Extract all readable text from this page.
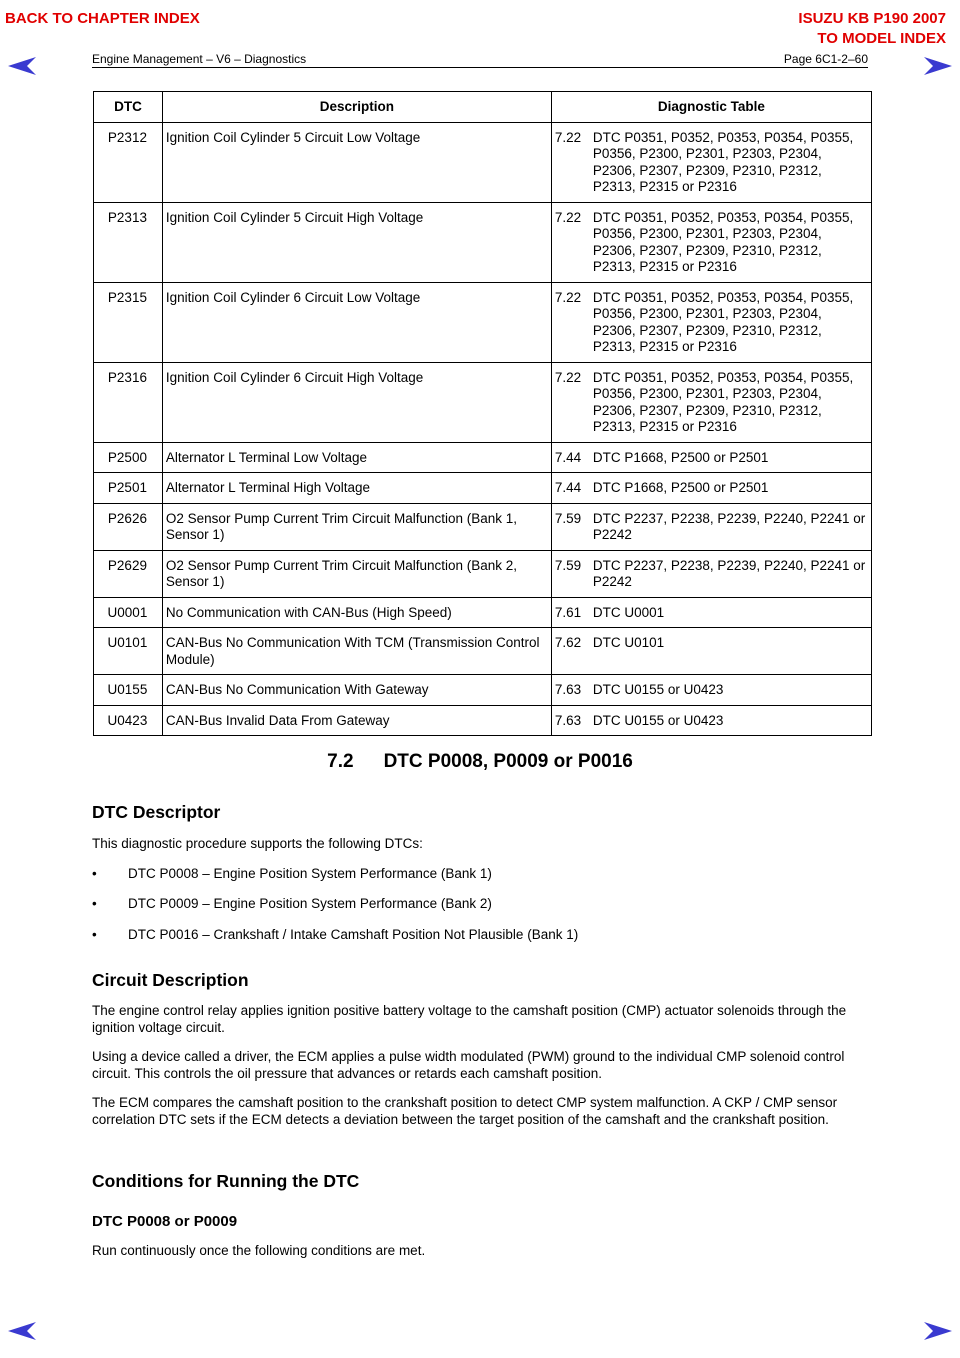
BACK TO CHAPTER INDEX	ISUZU KB P190 2007
TO MODEL INDEX
Engine Management – V6 – Diagnostics	Page 6C1-2–60
DTC	Description	Diagnostic Table
P2312	Ignition Coil Cylinder 5 Circuit Low Voltage	7.22 DTC P0351, P0352, P0353, P0354, P0355, P0356, P2300, P2301, P2303, P2304, P2306, P2307, P2309, P2310, P2312, P2313, P2315 or P2316

P2313	Ignition Coil Cylinder 5 Circuit High Voltage	7.22 DTC P0351, P0352, P0353, P0354, P0355, P0356, P2300, P2301, P2303, P2304, P2306, P2307, P2309, P2310, P2312, P2313, P2315 or P2316

P2315	Ignition Coil Cylinder 6 Circuit Low Voltage	7.22 DTC P0351, P0352, P0353, P0354, P0355, P0356, P2300, P2301, P2303, P2304, P2306, P2307, P2309, P2310, P2312, P2313, P2315 or P2316

P2316	Ignition Coil Cylinder 6 Circuit High Voltage	7.22 DTC P0351, P0352, P0353, P0354, P0355, P0356, P2300, P2301, P2303, P2304, P2306, P2307, P2309, P2310, P2312, P2313, P2315 or P2316

P2500	Alternator L Terminal Low Voltage	7.44 DTC P1668, P2500 or P2501

P2501	Alternator L Terminal High Voltage	7.44 DTC P1668, P2500 or P2501

P2626	O2 Sensor Pump Current Trim Circuit Malfunction (Bank 1, Sensor 1)	7.59 DTC P2237, P2238, P2239, P2240, P2241 or P2242

P2629	O2 Sensor Pump Current Trim Circuit Malfunction (Bank 2, Sensor 1)	7.59 DTC P2237, P2238, P2239, P2240, P2241 or P2242

U0001	No Communication with CAN-Bus (High Speed)	7.61 DTC U0001

U0101	CAN-Bus No Communication With TCM (Transmission Control Module)	7.62 DTC U0101

U0155	CAN-Bus No Communication With Gateway	7.63 DTC U0155 or U0423

U0423	CAN-Bus Invalid Data From Gateway	7.63 DTC U0155 or U0423
7.2 DTC P0008, P0009 or P0016
DTC Descriptor
This diagnostic procedure supports the following DTCs:
• DTC P0008 – Engine Position System Performance (Bank 1)
• DTC P0009 – Engine Position System Performance (Bank 2)
• DTC P0016 – Crankshaft / Intake Camshaft Position Not Plausible (Bank 1)
Circuit Description
The engine control relay applies ignition positive battery voltage to the camshaft position (CMP) actuator solenoids through the ignition voltage circuit.
Using a device called a driver, the ECM applies a pulse width modulated (PWM) ground to the individual CMP solenoid control circuit. This controls the oil pressure that advances or retards each camshaft position.
The ECM compares the camshaft position to the crankshaft position to detect CMP system malfunction. A CKP / CMP sensor correlation DTC sets if the ECM detects a deviation between the target position of the camshaft and the crankshaft position.
Conditions for Running the DTC
DTC P0008 or P0009
Run continuously once the following conditions are met.
